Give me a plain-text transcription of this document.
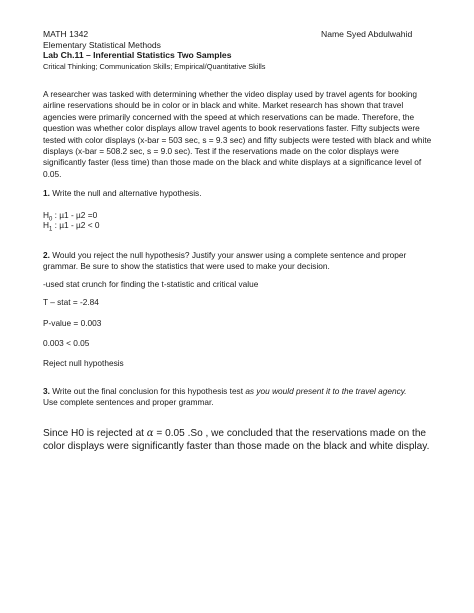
MATH 1342	Name Syed Abdulwahid
Elementary Statistical Methods
Lab Ch.11 – Inferential Statistics Two Samples
Critical Thinking; Communication Skills; Empirical/Quantitative Skills
A researcher was tasked with determining whether the video display used by travel agents for booking airline reservations should be in color or in black and white. Market research has shown that travel agencies were primarily concerned with the speed at which reservations can be made. Therefore, the question was whether color displays allow travel agents to book reservations faster. Fifty subjects were tested with color displays (x-bar = 503 sec, s = 9.3 sec) and fifty subjects were tested with black and white displays (x-bar = 508.2 sec, s = 9.0 sec). Test if the reservations made on the color displays were significantly faster (less time) than those made on the black and white displays at a significance level of 0.05.
1. Write the null and alternative hypothesis.
$H_0$ : µ1 - µ2 =0
$H_1$ : µ1 - µ2 < 0
2. Would you reject the null hypothesis? Justify your answer using a complete sentence and proper grammar. Be sure to show the statistics that were used to make your decision.
-used stat crunch for finding the t-statistic and critical value
T – stat = -2.84
P-value = 0.003
0.003 < 0.05
Reject null hypothesis
3. Write out the final conclusion for this hypothesis test as you would present it to the travel agency.
Use complete sentences and proper grammar.
Since H0 is rejected at α = 0.05 .So , we concluded that the reservations made on the color displays were significantly faster than those made on the black and white display.
